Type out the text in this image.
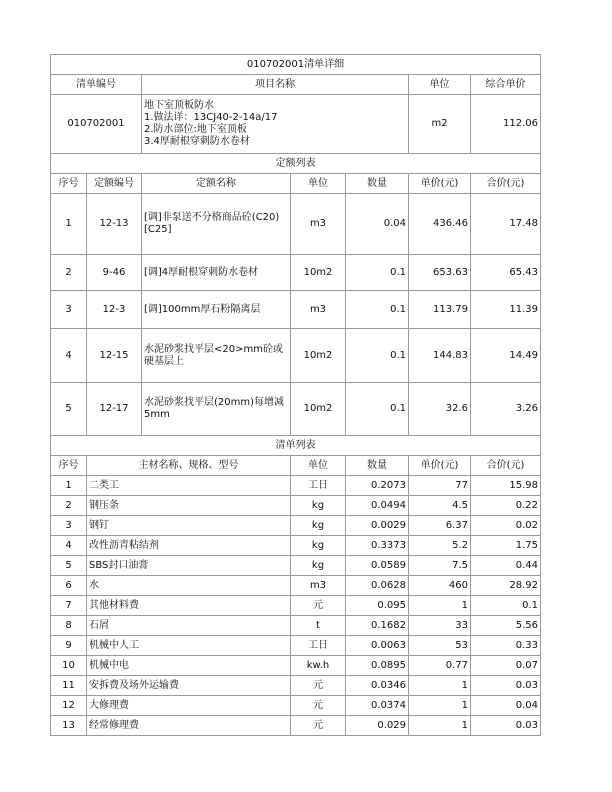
010702001清单详细						
清单编号		项目名称			单位	综合单价
010702001		地下室顶板防水
1.做法详：13CJ40-2-14a/17
2.防水部位:地下室顶板
3.4厚耐根穿刺防水卷材			m2	112.06
定额列表						
序号	定额编号	定额名称	单位	数量	单价(元)	合价(元)
1	12-13	[调]非泵送不分格商品砼(C20)[C25]	m3	0.04	436.46	17.48
2	9-46	[调]4厚耐根穿刺防水卷材	10m2	0.1	653.63	65.43
3	12-3	[调]100mm厚石粉隔离层	m3	0.1	113.79	11.39
4	12-15	水泥砂浆找平层<20>mm砼或硬基层上	10m2	0.1	144.83	14.49
5	12-17	水泥砂浆找平层(20mm)每增减5mm	10m2	0.1	32.6	3.26
清单列表						
序号	主材名称、规格、型号		单位	数量	单价(元)	合价(元)
1	二类工		工日	0.2073	77	15.98
2	钢压条		kg	0.0494	4.5	0.22
3	钢钉		kg	0.0029	6.37	0.02
4	改性沥青粘结剂		kg	0.3373	5.2	1.75
5	SBS封口油膏		kg	0.0589	7.5	0.44
6	水		m3	0.0628	460	28.92
7	其他材料费		元	0.095	1	0.1
8	石屑		t	0.1682	33	5.56
9	机械中人工		工日	0.0063	53	0.33
10	机械中电		kw.h	0.0895	0.77	0.07
11	安拆费及场外运输费		元	0.0346	1	0.03
12	大修理费		元	0.0374	1	0.04
13	经常修理费		元	0.029	1	0.03
